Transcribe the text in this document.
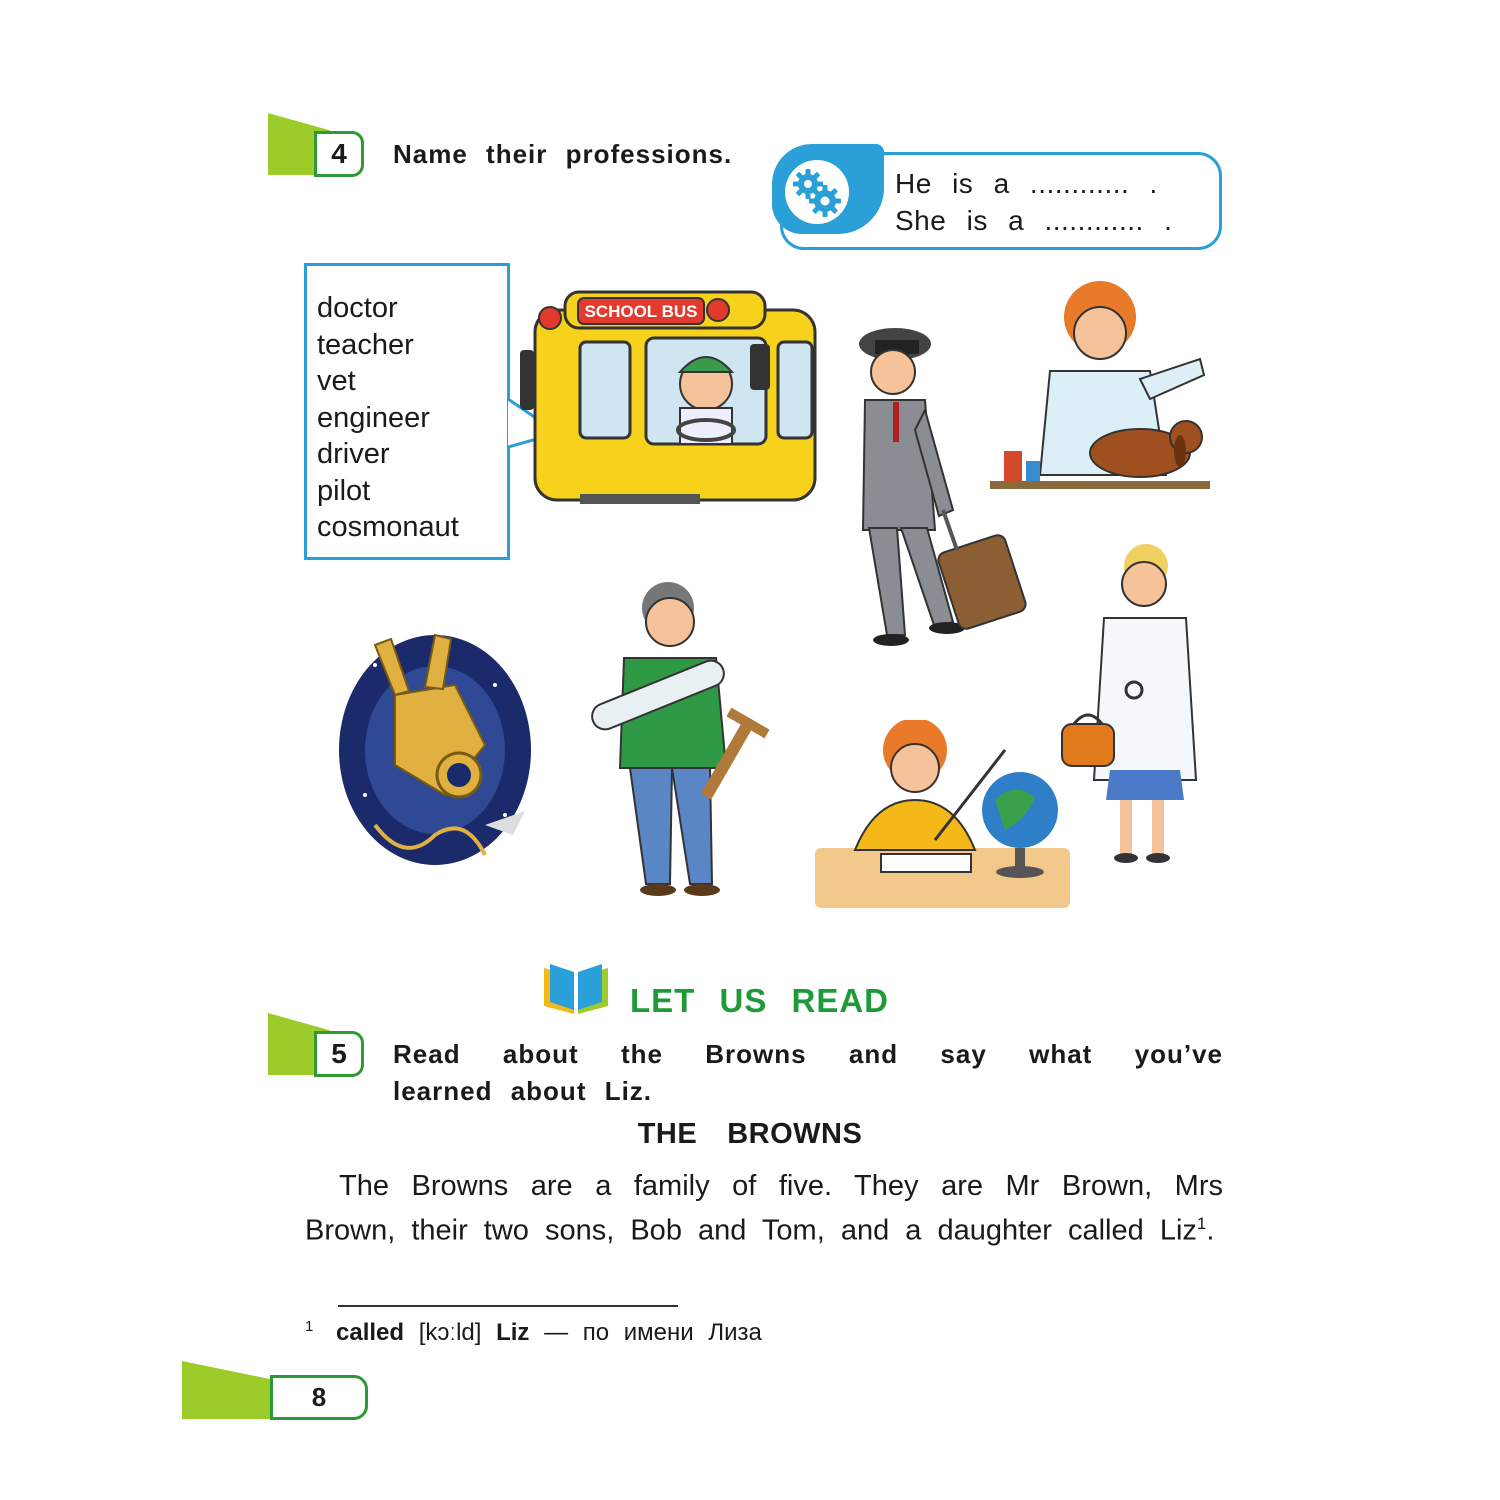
4	Name their professions.
He is a ............ .
She is a ............ .
doctor
teacher
vet
engineer
driver
pilot
cosmonaut
SCHOOL BUS
LET US READ
5	Read about the Browns and say what you’ve
learned about Liz.
THE BROWNS

The Browns are a family of five. They are Mr Brown, Mrs Brown, their two sons, Bob and Tom, and a daughter called Liz$^1$.

$^1$ called [kɔːld] Liz — по имени Лиза
8
